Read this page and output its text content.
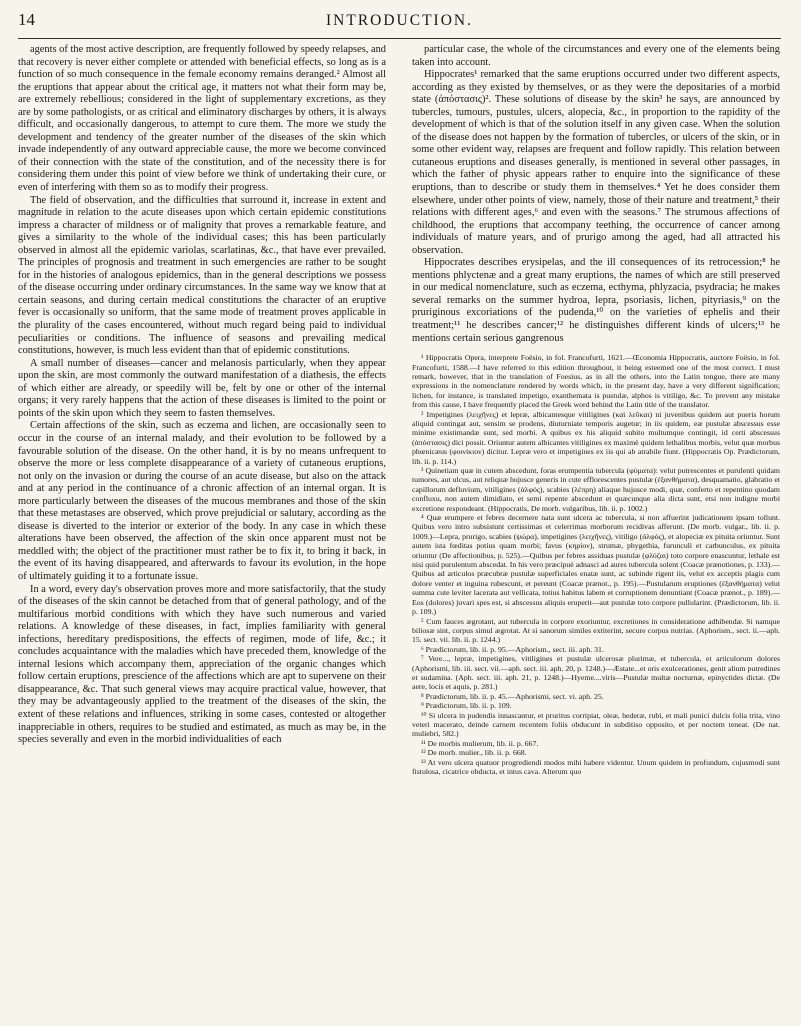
14	INTRODUCTION.

agents of the most active description, are frequently followed by speedy relapses, and that recovery is never either complete or attended with beneficial effects, so long as is a function of so much consequence in the female economy remains deranged.² Almost all the eruptions that appear about the critical age, it matters not what their form may be, are extremely rebellious; considered in the light of supplementary excretions, as they are by some pathologists, or as critical and eliminatory discharges by others, it is always difficult, and occasionally dangerous, to attempt to cure them. The more we study the development and tendency of the greater number of the diseases of the skin which invade independently of any outward appreciable cause, the more we become convinced of their connection with the state of the constitution, and of the necessity there is for considering them under this point of view before we think of undertaking their cure, or even of interfering with them so as to modify their progress.

The field of observation, and the difficulties that surround it, increase in extent and magnitude in relation to the acute diseases upon which certain epidemic constitutions impress a character of mildness or of malignity that proves a remarkable feature, and gives a similarity to the whole of the individual cases; this has been particularly observed in almost all the epidemic variolas, scarlatinas, &c., that have ever prevailed. The principles of prognosis and treatment in such emergencies are rather to be sought for in the histories of analogous epidemics, than in the general descriptions we possess of the disease occurring under ordinary circumstances. In the same way we know that at certain seasons, and during certain medical constitutions the character of an eruptive fever is occasionally so uniform, that the same mode of treatment proves applicable in the plurality of the cases encountered, without much regard being paid to individual peculiarities or conditions. The influence of seasons and prevailing medical constitutions, however, is much less evident than that of epidemic constitutions.

A small number of diseases—cancer and melanosis particularly, when they appear upon the skin, are most commonly the outward manifestation of a diathesis, the effects of which either are already, or speedily will be, felt by one or other of the internal organs; it very rarely happens that the action of these diseases is limited to the point or points of the skin upon which they seem to fasten themselves.

Certain affections of the skin, such as eczema and lichen, are occasionally seen to occur in the course of an internal malady, and their evolution to be followed by a favourable solution of the disease. On the other hand, it is by no means unfrequent to observe the more or less complete disappearance of a variety of cutaneous eruptions, not only on the invasion or during the course of an acute disease, but also on the attack and at any period in the continuance of a chronic affection of an internal organ. It is more particularly between the diseases of the mucous membranes and those of the skin that these metastases are observed, which prove prejudicial or salutary, according as the disease is diverted to the interior or exterior of the body. In any case in which these alterations have been observed, the affection of the skin once apparent must not be meddled with; the object of the practitioner must rather be to fix it, to bring it back, in the event of its having disappeared, and afterwards to favour its evolution, in the hope of ultimately guiding it to a fortunate issue.

In a word, every day's observation proves more and more satisfactorily, that the study of the diseases of the skin cannot be detached from that of general pathology, and of the multifarious morbid conditions with which they have such numerous and varied relations. A knowledge of these diseases, in fact, implies familiarity with general infections, hereditary predispositions, the effects of regimen, mode of life, &c.; it concludes acquaintance with the maladies which have preceded them, knowledge of the internal lesions which accompany them, appreciation of the organic changes which follow certain eruptions, prescience of the affections which are apt to supervene on their disappearance, &c. That such general views may acquire practical value, however, that they may be advantageously applied to the treatment of the diseases of the skin, the extent of these relations and influences, striking in some cases, contested or altogether inappreciable in others, requires to be studied and estimated, as much as may be, in the species severally and even in the morbid individualities of each

particular case, the whole of the circumstances and every one of the elements being taken into account.

Hippocrates¹ remarked that the same eruptions occurred under two different aspects, according as they existed by themselves, or as they were the depositaries of a morbid state (ἀπόστασις)². These solutions of disease by the skin³ he says, are announced by tubercles, tumours, pustules, ulcers, alopecia, &c., in proportion to the rapidity of the development of which is that of the solution itself in any given case. When the solution of the disease does not happen by the formation of tubercles, or ulcers of the skin, or in some other evident way, relapses are frequent and follow rapidly. This relation between cutaneous eruptions and diseases generally, is mentioned in several other passages, in which the father of physic appears rather to enquire into the significance of these eruptions, than to describe or study them in themselves.⁴ Yet he does consider them elsewhere, under other points of view, namely, those of their nature and treatment,⁵ their relations with different ages,⁶ and even with the seasons.⁷ The strumous affections of childhood, the eruptions that accompany teething, the occurrence of cancer among individuals of mature years, and of prurigo among the aged, had all attracted his observation.

Hippocrates describes erysipelas, and the ill consequences of its retrocession;⁸ he mentions phlyctenæ and a great many eruptions, the names of which are still preserved in our medical nomenclature, such as eczema, ecthyma, phlyzacia, psydracia; he makes several remarks on the summer hydroa, lepra, psoriasis, lichen, pityriasis,⁹ on the pruriginous excoriations of the pudenda,¹⁰ on the varieties of ephelis and their treatment;¹¹ he describes cancer;¹² he distinguishes different kinds of ulcers;¹³ he mentions certain serious gangrenous

¹ Hippocratis Opera, interprete Foësio, in fol. Francofurti, 1621.—Œconomia Hippocratis, auctore Foësio, in fol. Francofurti, 1588.—I have referred to this edition throughout, it being esteemed one of the most correct. I must remark, however, that in the translation of Foesius, as in all the others, into the Latin tongue, there are many expressions in the nomenclature rendered by words which, in the present day, have a very different signification; lichen, for instance, is translated impetigo, exanthemata is pustulæ, alphos is vitiligo, &c. To prevent any mistake from this cause, I have frequently placed the Greek word behind the Latin title of the translator.

² Impetigines (λειχῆνες) et lepræ, albicantesque vitiligines (καὶ λεῦκαι) ni juvenibus quidem aut pueris horum aliquid contingat aut, sensim se prodens, diuturniate temporis augetur; in iis quidem, eæ pustulæ abscessus esse minime existimandæ sunt, sed morbi. A quibus ex his aliquid subito multumque contingit, id certi abscessus (ἀπόστασις) dici possit. Oriuntur autem albicantes vitiligines ex maximè quidem lethalibus morbis, velut quæ morbus phœnicæus (φοινίκιον) dicitur. Lepræ vero et impetigines ex iis qui ab atrabile fiunt. (Hippocratis Op. Prædictorum, lib. ii. p. 114.)

³ Quinetiam quæ in cutem abscedunt, foras erumpentia tubercula (φύματα): velut putrescentes et purulenti quidam tumores, aut ulcus, aut reliquæ hujusce generis in cute efflorescentes pustulæ (ἐξανθήματα), desquamatio, glabratio et capillorum defluvium, vitiligines (ἀλφός), scabies (λέπρη) aliaque hujusce modi, quæ, conferto et repentino quodam confluxu, non autem dimidiato, et semi repente abscedunt et quæcunque alia dicta sunt, etsi non indigne morbi excretione respondeant. (Hippocratis, De morb. vulgaribus, lib. ii. p. 1002.)

⁴ Quæ erumpere et febres decernere nata sunt ulcera ac tubercula, si non affuerint judicationem ipsam tollunt. Quibus vero intro subsistunt certissimas et celerrimas morborum recidivas afferunt. (De morb. vulgar., lib. ii. p. 1009.)—Lepra, prurigo, scabies (ψώρα), impetigines (λειχῆνες), vitiligo (ἀλφός), et alopeciæ ex pituita oriuntur. Sunt autem ista fœditas potius quam morbi; favus (κηρίον), strumæ, phygethia, furunculi et carbunculus, ex pituita oriuntur (De affectionibus, p. 525).—Quibus per febres assiduas pustulæ (φλύζαι) toto corpore enascuntur, lethale est nisi quid purulentum abscedat. In his vero præcipuè adnasci ad aures tubercula solent (Coacæ prænotiones, p. 133).—Quibus ad articulos præcubræ pustulæ superficiales enatæ sunt, ac subinde rigent iis, velut ex acceptis plagis cum dolore venter et inguina rubescunt, et pereunt (Coacæ prænot., p. 195).—Pustularum eruptiones (ἐξανθήματα) velut summa cute leviter lacerata aut vellicata, totius habitus labem et corruptionem denuntiant (Coacæ prænot., p. 189).—Eos (dolores) juvari spes est, si abscessus aliquis eruperit—aut pustulæ toto corpore pullularint. (Prædictorum, lib. ii. p. 109.)

⁵ Cum fauces ægrotant, aut tubercula in corpore exoriuntur, excretiones in consideratione adhibendæ. Si namque biliosæ sint, corpus simul ægrotat. At si sanorum similes extiterint, secure corpus nutrias. (Aphorism., sect. ii.—aph. 15. sect. vii. lib. ii. p. 1244.)

⁶ Prædictorum, lib. ii. p. 95.—Aphorism., sect. iii. aph. 31.

⁷ Vere..., lepræ, impetigines, vitiligines et pustulæ ulcerosæ plurimæ, et tubercula, et articulorum dolores (Aphorismi, lib. iii. sect. vii.—aph. sect. iii. aph. 20, p. 1248.)—Æstate...et oris exulcerationes, genit alium putredines et sudamina. (Aph. sect. iii. aph. 21, p. 1248.)—Hyeme....viris—Pustulæ multæ nocturnæ, epinyctides dictæ. (De aere, locis et aquis, p. 281.)

⁸ Prædictorum, lib. ii. p. 45.—Aphorismi, sect. vi. aph. 25.

⁹ Prædictorum, lib. ii. p. 109.

¹⁰ Si ulcera in pudendis innascantur, et pruritus corripiat, oleæ, hederæ, rubi, et mali punici dulcis folia trita, vino veteri macerato, deinde carnem recentem foliis obducunt in subditiso opposito, et per noctem teneat. (De nat. muliebri, 582.)

¹¹ De morbis mulierum, lib. ii. p. 667.

¹² De morb. mulier., lib. ii. p. 668.

¹³ At vero ulcera quatuor progrediendi modos mihi habere videntur. Unum quidem in profundum, cujusmodi sunt fistulosa, cicatrice obducta, et intus cava. Alterum quo
